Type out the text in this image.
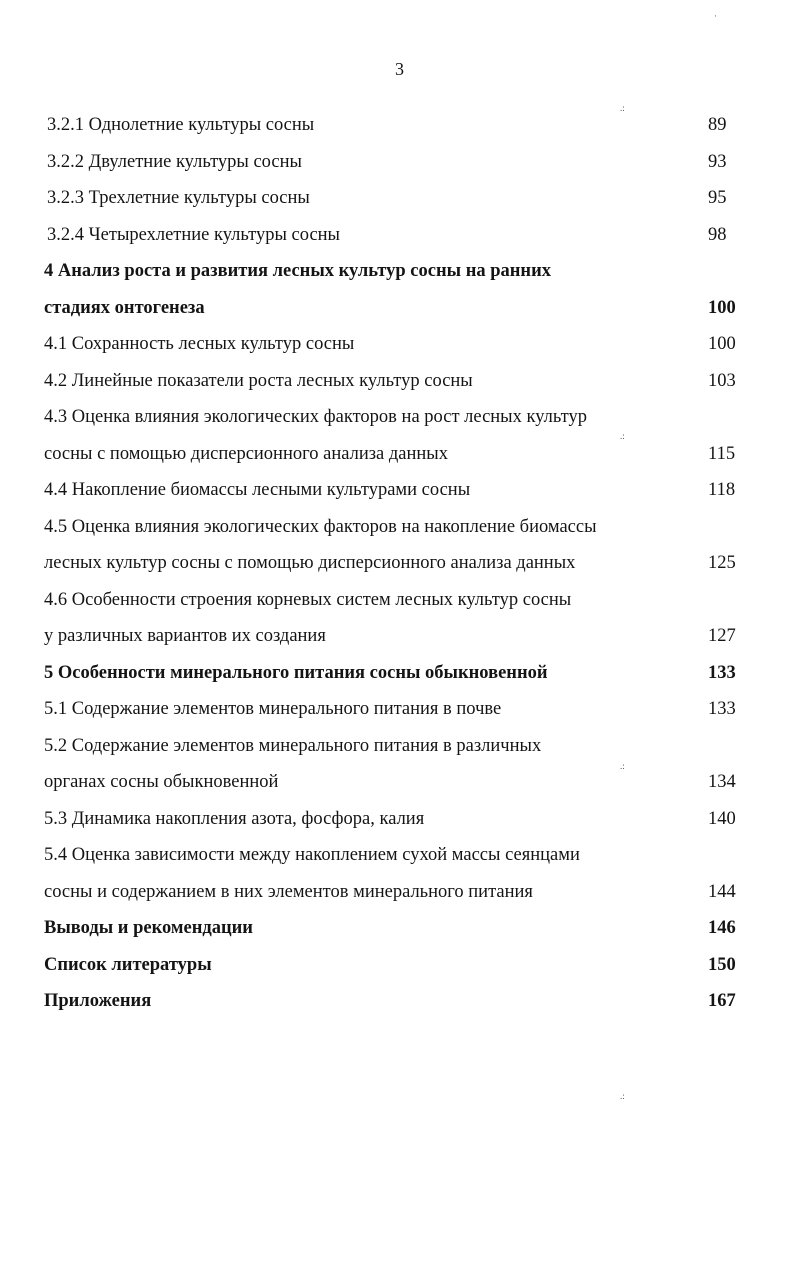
3
3.2.1 Однолетние культуры сосны	89
3.2.2 Двулетние культуры сосны	93
3.2.3 Трехлетние культуры сосны	95
3.2.4 Четырехлетние культуры сосны	98
4 Анализ роста и развития лесных культур сосны на ранних
стадиях онтогенеза	100
4.1 Сохранность лесных культур сосны	100
4.2 Линейные показатели роста лесных культур сосны	103
4.3 Оценка влияния экологических факторов на рост лесных культур
сосны с помощью дисперсионного анализа данных	115
4.4 Накопление биомассы лесными культурами сосны	118
4.5 Оценка влияния экологических факторов на накопление биомассы
лесных культур сосны с помощью дисперсионного анализа данных	125
4.6 Особенности строения корневых систем лесных культур сосны
у различных вариантов их создания	127
5 Особенности минерального питания сосны обыкновенной	133
5.1 Содержание элементов минерального питания в почве	133
5.2 Содержание элементов минерального питания в различных
органах сосны обыкновенной	134
5.3 Динамика накопления азота, фосфора, калия	140
5.4 Оценка зависимости между накоплением сухой массы сеянцами
сосны и содержанием в них элементов минерального питания	144
Выводы и рекомендации	146
Список литературы	150
Приложения	167
.:
.:
.:
.:
·
